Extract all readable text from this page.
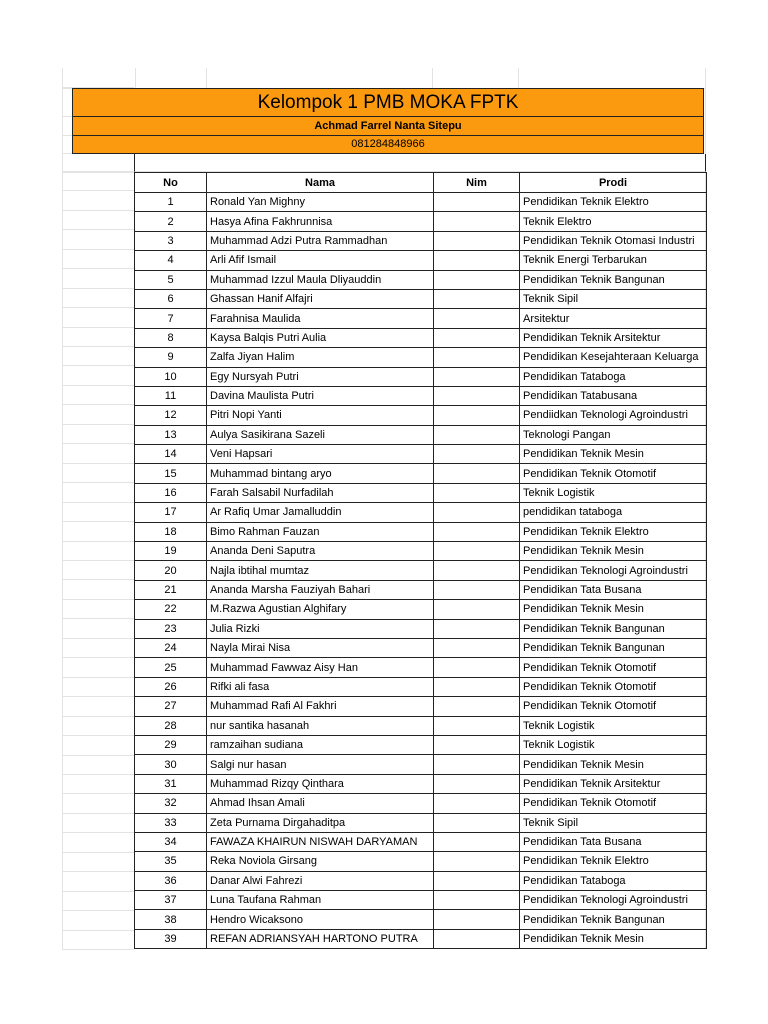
Kelompok 1 PMB MOKA FPTK
Achmad Farrel Nanta Sitepu
081284848966
No	Nama	Nim	Prodi
1	Ronald Yan Mighny		Pendidikan Teknik Elektro
2	Hasya Afina Fakhrunnisa		Teknik Elektro
3	Muhammad Adzi Putra Rammadhan		Pendidikan Teknik Otomasi Industri
4	Arli Afif Ismail		Teknik Energi Terbarukan
5	Muhammad Izzul Maula Dliyauddin		Pendidikan Teknik Bangunan
6	Ghassan Hanif Alfajri		Teknik Sipil
7	Farahnisa Maulida		Arsitektur
8	Kaysa Balqis Putri Aulia		Pendidikan Teknik Arsitektur
9	Zalfa Jiyan Halim		Pendidikan Kesejahteraan Keluarga
10	Egy Nursyah Putri		Pendidikan Tataboga
11	Davina Maulista Putri		Pendidikan Tatabusana
12	Pitri Nopi Yanti		Pendiidkan Teknologi Agroindustri
13	Aulya Sasikirana Sazeli		Teknologi Pangan
14	Veni Hapsari		Pendidikan Teknik Mesin
15	Muhammad bintang aryo		Pendidikan Teknik Otomotif
16	Farah Salsabil Nurfadilah		Teknik Logistik
17	Ar Rafiq Umar Jamalluddin		pendidikan tataboga
18	Bimo Rahman Fauzan		Pendidikan Teknik Elektro
19	Ananda Deni Saputra		Pendidikan Teknik Mesin
20	Najla ibtihal mumtaz		Pendidikan Teknologi Agroindustri
21	Ananda Marsha Fauziyah Bahari		Pendidikan Tata Busana
22	M.Razwa Agustian Alghifary		Pendidikan Teknik Mesin
23	Julia Rizki		Pendidikan Teknik Bangunan
24	Nayla Mirai Nisa		Pendidikan Teknik Bangunan
25	Muhammad Fawwaz Aisy Han		Pendidikan Teknik Otomotif
26	Rifki ali fasa		Pendidikan Teknik Otomotif
27	Muhammad Rafi Al Fakhri		Pendidikan Teknik Otomotif
28	nur santika hasanah		Teknik Logistik
29	ramzaihan sudiana		Teknik Logistik
30	Salgi nur hasan		Pendidikan Teknik Mesin
31	Muhammad Rizqy Qinthara		Pendidikan Teknik Arsitektur
32	Ahmad Ihsan Amali		Pendidikan Teknik Otomotif
33	Zeta Purnama Dirgahaditpa		Teknik Sipil
34	FAWAZA KHAIRUN NISWAH DARYAMAN		Pendidikan Tata Busana
35	Reka Noviola Girsang		Pendidikan Teknik Elektro
36	Danar Alwi Fahrezi		Pendidikan Tataboga
37	Luna Taufana Rahman		Pendidikan Teknologi Agroindustri
38	Hendro Wicaksono		Pendidikan Teknik Bangunan
39	REFAN ADRIANSYAH HARTONO PUTRA		Pendidikan Teknik Mesin
